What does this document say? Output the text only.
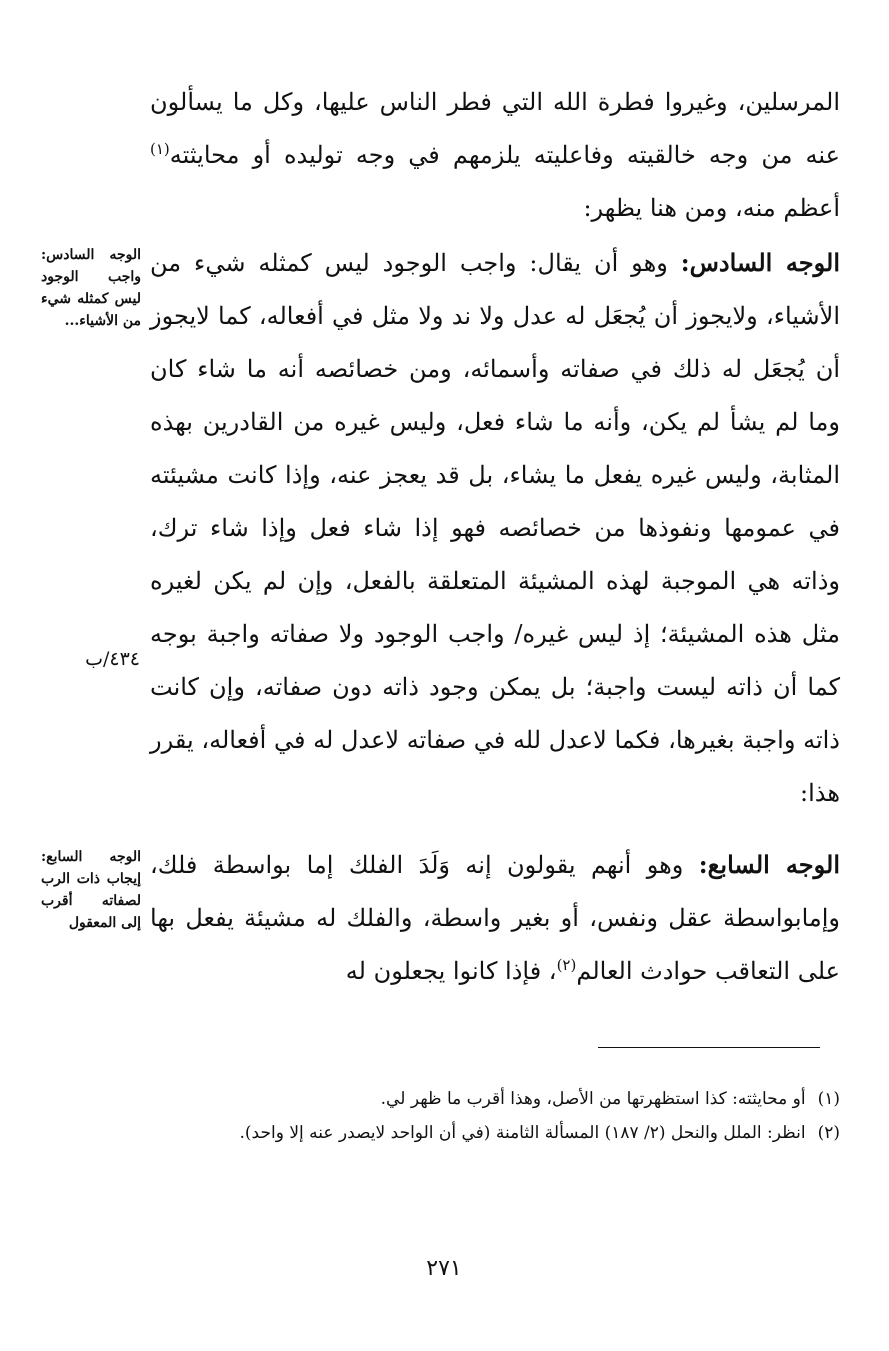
المرسلين، وغيروا فطرة الله التي فطر الناس عليها، وكل ما يسألون عنه من وجه خالقيته وفاعليته يلزمهم في وجه توليده أو محايثته$^{(١)}$ أعظم منه، ومن هنا يظهر:

الوجه السادس: واجب الوجود ليس كمثله شيء من الأشياء...

الوجه السادس: وهو أن يقال: واجب الوجود ليس كمثله شيء من الأشياء، ولايجوز أن يُجعَل له عدل ولا ند ولا مثل في أفعاله، كما لايجوز أن يُجعَل له ذلك في صفاته وأسمائه، ومن خصائصه أنه ما شاء كان وما لم يشأ لم يكن، وأنه ما شاء فعل، وليس غيره من القادرين بهذه المثابة، وليس غيره يفعل ما يشاء، بل قد يعجز عنه، وإذا كانت مشيئته في عمومها ونفوذها من خصائصه فهو إذا شاء فعل وإذا شاء ترك، وذاته هي الموجبة لهذه المشيئة المتعلقة بالفعل، وإن لم يكن لغيره مثل هذه المشيئة؛ إذ ليس غيره/ واجب الوجود ولا صفاته واجبة بوجه كما أن ذاته ليست واجبة؛ بل يمكن وجود ذاته دون صفاته، وإن كانت ذاته واجبة بغيرها، فكما لاعدل لله في صفاته لاعدل له في أفعاله، يقرر هذا:

٤٣٤/ب
الوجه السابع: إيجاب ذات الرب لصفاته أقرب إلى المعقول

الوجه السابع: وهو أنهم يقولون إنه وَلَدَ الفلك إما بواسطة فلك، وإمابواسطة عقل ونفس، أو بغير واسطة، والفلك له مشيئة يفعل بها على التعاقب حوادث العالم$^{(٢)}$، فإذا كانوا يجعلون له

(١)
أو محايثته: كذا استظهرتها من الأصل، وهذا أقرب ما ظهر لي.
(٢)
انظر: الملل والنحل (٢/ ١٨٧) المسألة الثامنة (في أن الواحد لايصدر عنه إلا واحد).
٢٧١
